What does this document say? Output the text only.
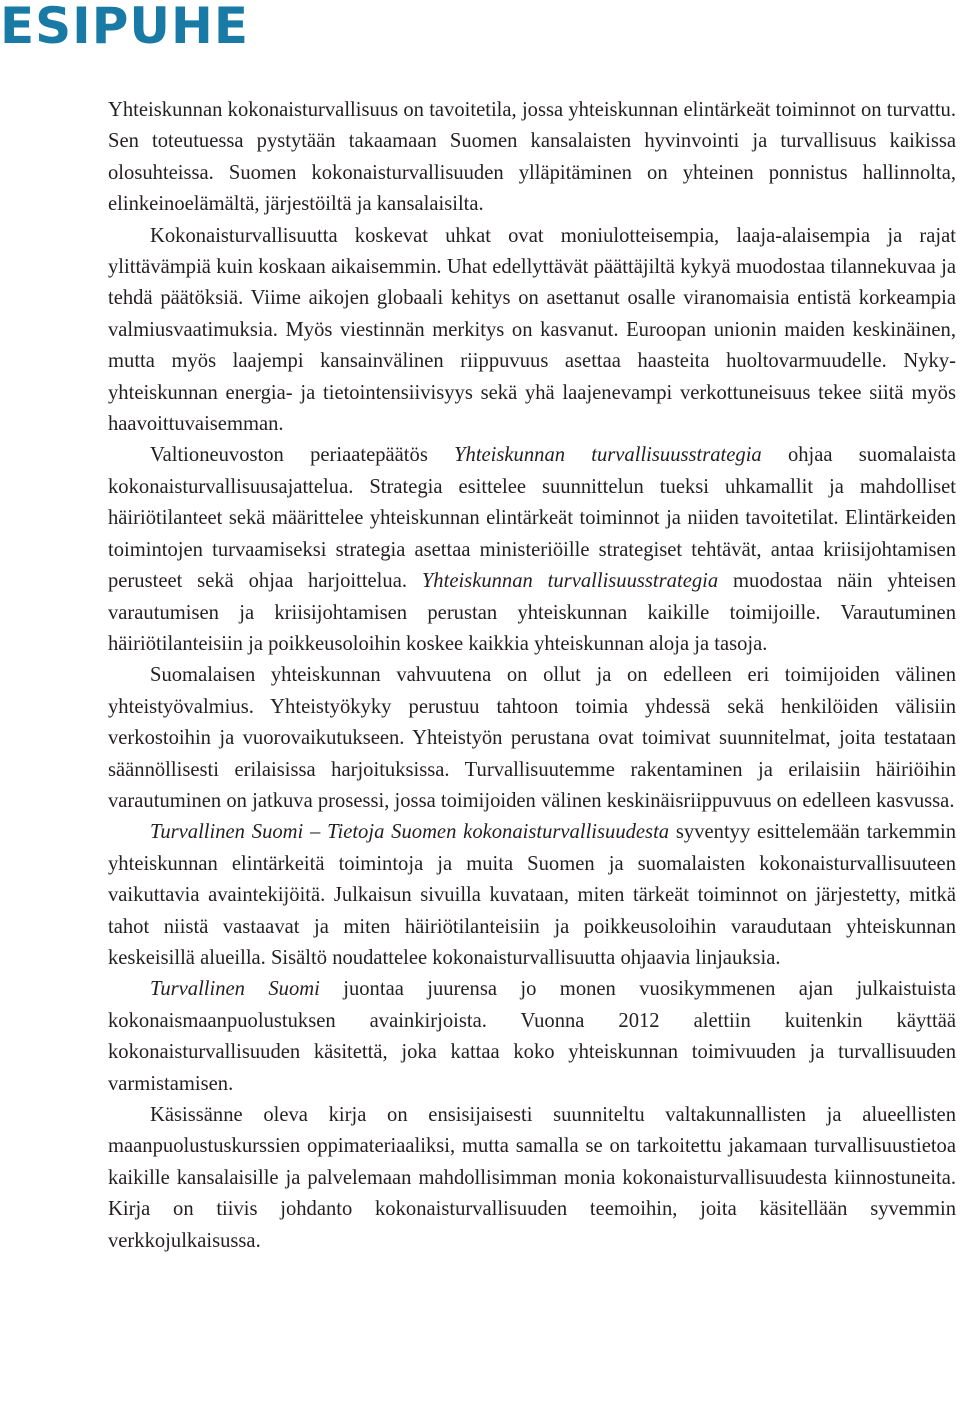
ESIPUHE

Yhteiskunnan kokonaisturvallisuus on tavoitetila, jossa yhteiskunnan elintärkeät toiminnot on turvattu. Sen toteutuessa pystytään takaamaan Suomen kansalaisten hyvinvointi ja turvallisuus kaikissa olosuhteissa. Suomen kokonaisturvallisuuden ylläpitäminen on yhteinen ponnistus hallinnolta, elinkeinoelämältä, järjestöiltä ja kansalaisilta.

Kokonaisturvallisuutta koskevat uhkat ovat moniulotteisempia, laaja-alaisempia ja rajat ylittävämpiä kuin koskaan aikaisemmin. Uhat edellyttävät päättäjiltä kykyä muodostaa tilannekuvaa ja tehdä päätöksiä. Viime aikojen globaali kehitys on asettanut osalle viranomaisia entistä korkeampia valmiusvaatimuksia. Myös viestinnän merkitys on kasvanut. Euroopan unionin maiden keskinäinen, mutta myös laajempi kansainvälinen riippuvuus asettaa haasteita huoltovarmuudelle. Nyky-yhteiskunnan energia- ja tietointensiivisyys sekä yhä laajenevampi verkottuneisuus tekee siitä myös haavoittuvaisemman.

Valtioneuvoston periaatepäätös Yhteiskunnan turvallisuusstrategia ohjaa suomalaista kokonaisturvallisuusajattelua. Strategia esittelee suunnittelun tueksi uhkamallit ja mahdolliset häiriötilanteet sekä määrittelee yhteiskunnan elintärkeät toiminnot ja niiden tavoitetilat. Elintärkeiden toimintojen turvaamiseksi strategia asettaa ministeriöille strategiset tehtävät, antaa kriisijohtamisen perusteet sekä ohjaa harjoittelua. Yhteiskunnan turvallisuusstrategia muodostaa näin yhteisen varautumisen ja kriisijohtamisen perustan yhteiskunnan kaikille toimijoille. Varautuminen häiriötilanteisiin ja poikkeusoloihin koskee kaikkia yhteiskunnan aloja ja tasoja.

Suomalaisen yhteiskunnan vahvuutena on ollut ja on edelleen eri toimijoiden välinen yhteistyövalmius. Yhteistyökyky perustuu tahtoon toimia yhdessä sekä henkilöiden välisiin verkostoihin ja vuorovaikutukseen. Yhteistyön perustana ovat toimivat suunnitelmat, joita testataan säännöllisesti erilaisissa harjoituksissa. Turvallisuutemme rakentaminen ja erilaisiin häiriöihin varautuminen on jatkuva prosessi, jossa toimijoiden välinen keskinäisriippuvuus on edelleen kasvussa.

Turvallinen Suomi – Tietoja Suomen kokonaisturvallisuudesta syventyy esittelemään tarkemmin yhteiskunnan elintärkeitä toimintoja ja muita Suomen ja suomalaisten kokonaisturvallisuuteen vaikuttavia avaintekijöitä. Julkaisun sivuilla kuvataan, miten tärkeät toiminnot on järjestetty, mitkä tahot niistä vastaavat ja miten häiriötilanteisiin ja poikkeusoloihin varaudutaan yhteiskunnan keskeisillä alueilla. Sisältö noudattelee kokonaisturvallisuutta ohjaavia linjauksia.

Turvallinen Suomi juontaa juurensa jo monen vuosikymmenen ajan julkaistuista kokonaismaanpuolustuksen avainkirjoista. Vuonna 2012 alettiin kuitenkin käyttää kokonaisturvallisuuden käsitettä, joka kattaa koko yhteiskunnan toimivuuden ja turvallisuuden varmistamisen.

Käsissänne oleva kirja on ensisijaisesti suunniteltu valtakunnallisten ja alueellisten maanpuolustuskurssien oppimateriaaliksi, mutta samalla se on tarkoitettu jakamaan turvallisuustietoa kaikille kansalaisille ja palvelemaan mahdollisimman monia kokonaisturvallisuudesta kiinnostuneita. Kirja on tiivis johdanto kokonaisturvallisuuden teemoihin, joita käsitellään syvemmin verkkojulkaisussa.
